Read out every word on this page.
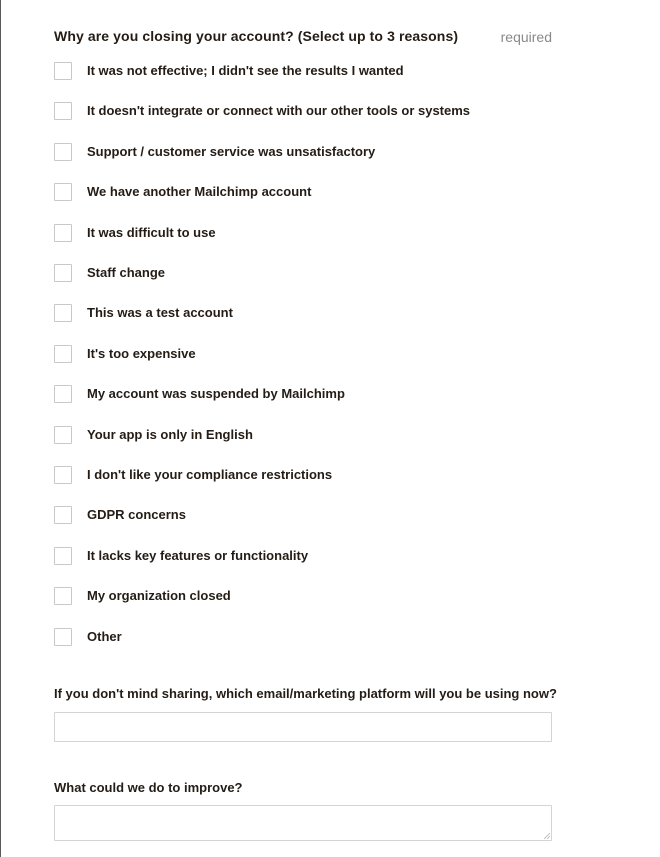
Why are you closing your account? (Select up to 3 reasons)	required
It was not effective; I didn't see the results I wanted
It doesn't integrate or connect with our other tools or systems
Support / customer service was unsatisfactory
We have another Mailchimp account
It was difficult to use
Staff change
This was a test account
It's too expensive
My account was suspended by Mailchimp
Your app is only in English
I don't like your compliance restrictions
GDPR concerns
It lacks key features or functionality
My organization closed
Other
If you don't mind sharing, which email/marketing platform will you be using now?
What could we do to improve?
